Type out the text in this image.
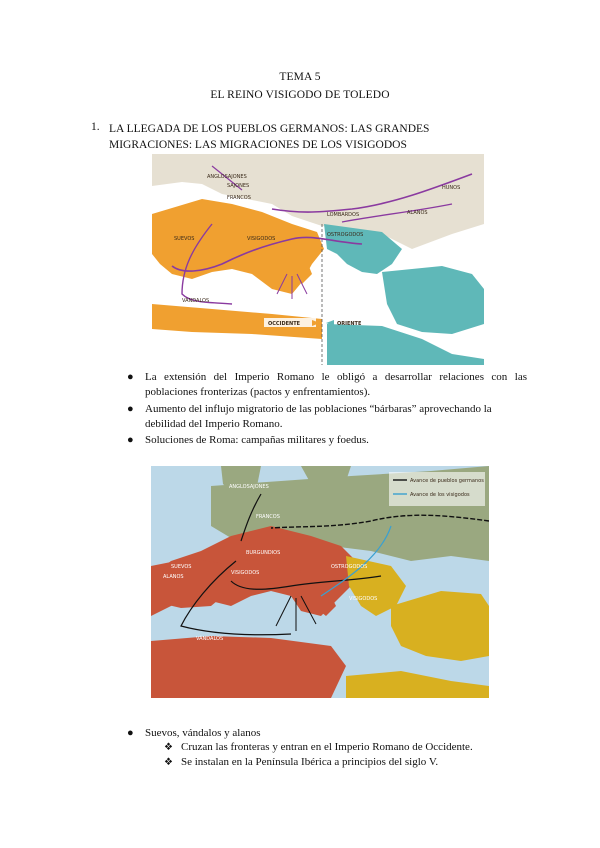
TEMA 5
EL REINO VISIGODO DE TOLEDO
1. LA LLEGADA DE LOS PUEBLOS GERMANOS: LAS GRANDES MIGRACIONES: LAS MIGRACIONES DE LOS VISIGODOS
ANGLOSAJONES
SAJONES
FRANCOS
LOMBARDOS
HUNOS
ALANOS
OSTROGODOS
VISIGODOS
SUEVOS
VÁNDALOS
OCCIDENTE	ORIENTE
● La extensión del Imperio Romano le obligó a desarrollar relaciones con las poblaciones fronterizas (pactos y enfrentamientos).
● Aumento del influjo migratorio de las poblaciones “bárbaras” aprovechando la debilidad del Imperio Romano.
● Soluciones de Roma: campañas militares y foedus.
Avance de pueblos germanos
Avance de los visigodos
ANGLOSAJONES
FRANCOS
BURGUNDIOS
OSTROGODOS
SUEVOS
ALANOS
VISIGODOS
VISIGODOS
VÁNDALOS
● Suevos, vándalos y alanos
❖ Cruzan las fronteras y entran en el Imperio Romano de Occidente.
❖ Se instalan en la Península Ibérica a principios del siglo V.
